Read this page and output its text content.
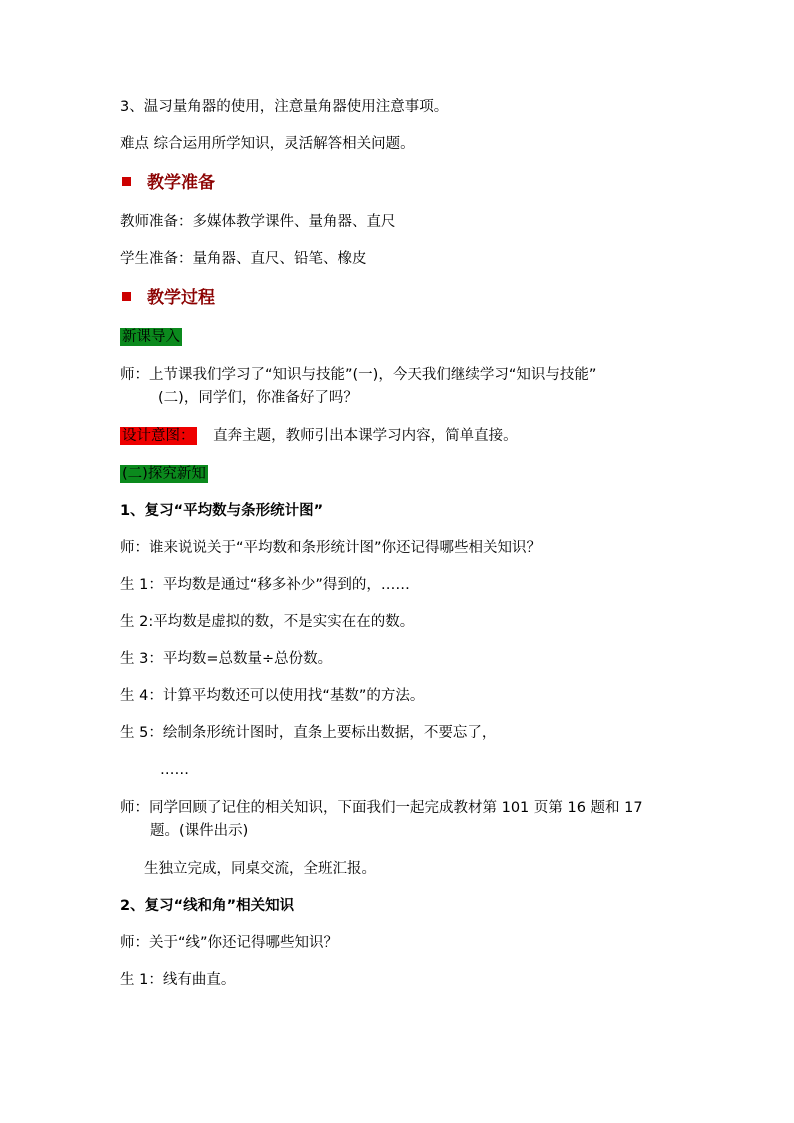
3、温习量角器的使用，注意量角器使用注意事项。
难点 综合运用所学知识，灵活解答相关问题。
教学准备
教师准备：多媒体教学课件、量角器、直尺
学生准备：量角器、直尺、铅笔、橡皮
教学过程
新课导入
师：上节课我们学习了“知识与技能”(一)，今天我们继续学习“知识与技能”
(二)，同学们，你准备好了吗？
设计意图： 直奔主题，教师引出本课学习内容，简单直接。
(二)探究新知
1、复习“平均数与条形统计图”
师：谁来说说关于“平均数和条形统计图”你还记得哪些相关知识？
生 1：平均数是通过“移多补少”得到的，……
生 2:平均数是虚拟的数，不是实实在在的数。
生 3：平均数=总数量÷总份数。
生 4：计算平均数还可以使用找“基数”的方法。
生 5：绘制条形统计图时，直条上要标出数据，不要忘了，
……
师：同学回顾了记住的相关知识，下面我们一起完成教材第 101 页第 16 题和 17
题。(课件出示)
生独立完成，同桌交流，全班汇报。
2、复习“线和角”相关知识
师：关于“线”你还记得哪些知识？
生 1：线有曲直。
